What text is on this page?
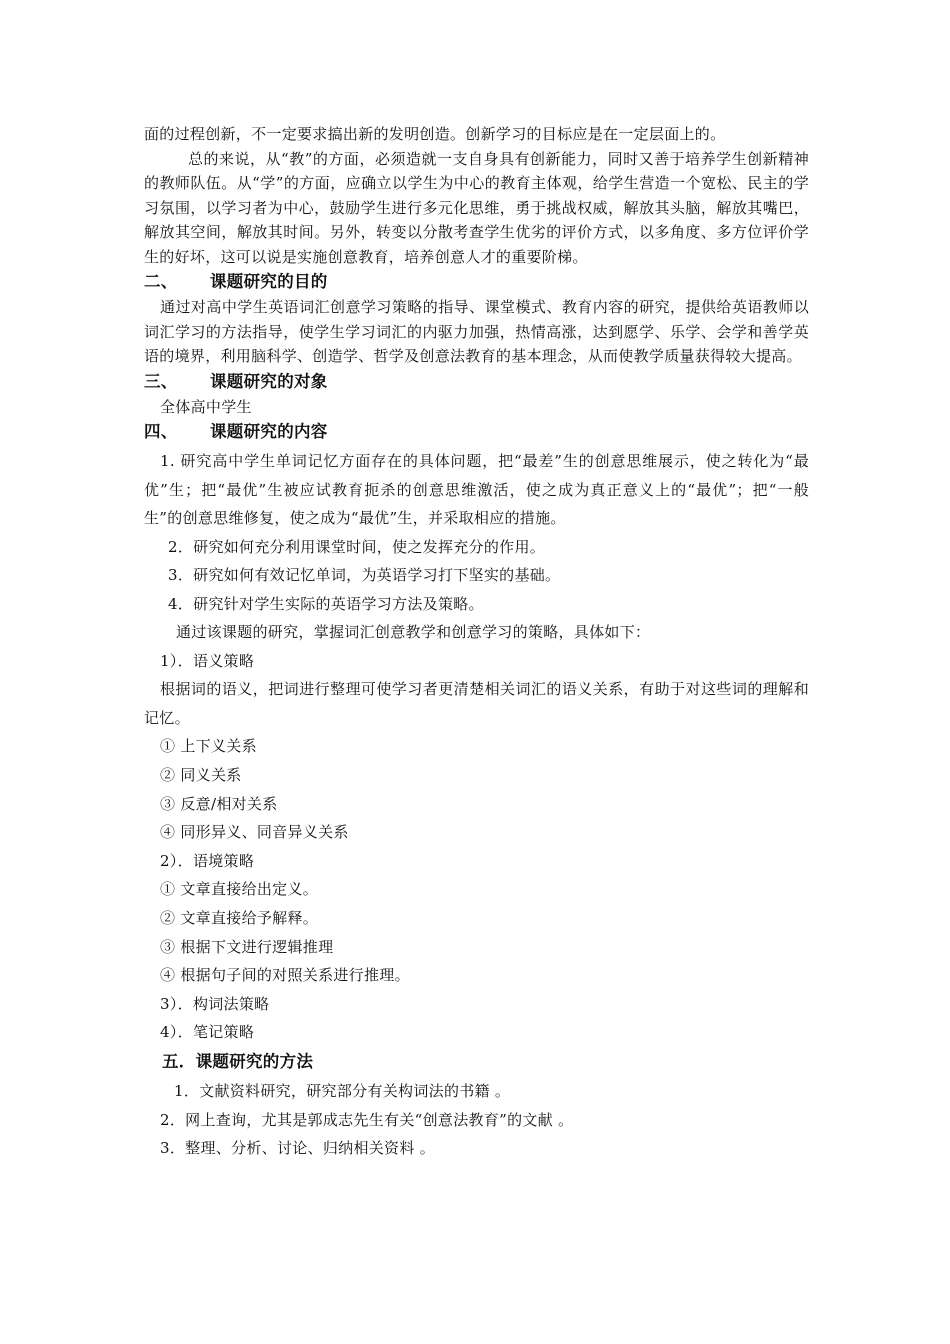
面的过程创新，不一定要求搞出新的发明创造。创新学习的目标应是在一定层面上的。

总的来说，从“教”的方面，必须造就一支自身具有创新能力，同时又善于培养学生创新精神的教师队伍。从“学”的方面，应确立以学生为中心的教育主体观，给学生营造一个宽松、民主的学习氛围，以学习者为中心，鼓励学生进行多元化思维，勇于挑战权威，解放其头脑，解放其嘴巴，解放其空间，解放其时间。另外，转变以分散考查学生优劣的评价方式，以多角度、多方位评价学生的好坏，这可以说是实施创意教育，培养创意人才的重要阶梯。

二、 课题研究的目的

通过对高中学生英语词汇创意学习策略的指导、课堂模式、教育内容的研究，提供给英语教师以词汇学习的方法指导，使学生学习词汇的内驱力加强，热情高涨，达到愿学、乐学、会学和善学英语的境界，利用脑科学、创造学、哲学及创意法教育的基本理念，从而使教学质量获得较大提高。

三、 课题研究的对象

全体高中学生

四、 课题研究的内容

1. 研究高中学生单词记忆方面存在的具体问题，把“最差”生的创意思维展示，使之转化为“最优”生；把“最优”生被应试教育扼杀的创意思维激活，使之成为真正意义上的“最优”；把“一般生”的创意思维修复，使之成为“最优”生，并采取相应的措施。

2．研究如何充分利用课堂时间，使之发挥充分的作用。

3．研究如何有效记忆单词，为英语学习打下坚实的基础。

4．研究针对学生实际的英语学习方法及策略。

通过该课题的研究，掌握词汇创意教学和创意学习的策略，具体如下：

1）．语义策略

根据词的语义，把词进行整理可使学习者更清楚相关词汇的语义关系，有助于对这些词的理解和记忆。

① 上下义关系

② 同义关系

③ 反意/相对关系

④ 同形异义、同音异义关系

2）．语境策略

① 文章直接给出定义。

② 文章直接给予解释。

③ 根据下文进行逻辑推理

④ 根据句子间的对照关系进行推理。

3）．构词法策略

4）．笔记策略

五．课题研究的方法

1．文献资料研究，研究部分有关构词法的书籍 。

2．网上查询，尤其是郭成志先生有关“创意法教育”的文献 。

3．整理、分析、讨论、归纳相关资料 。
